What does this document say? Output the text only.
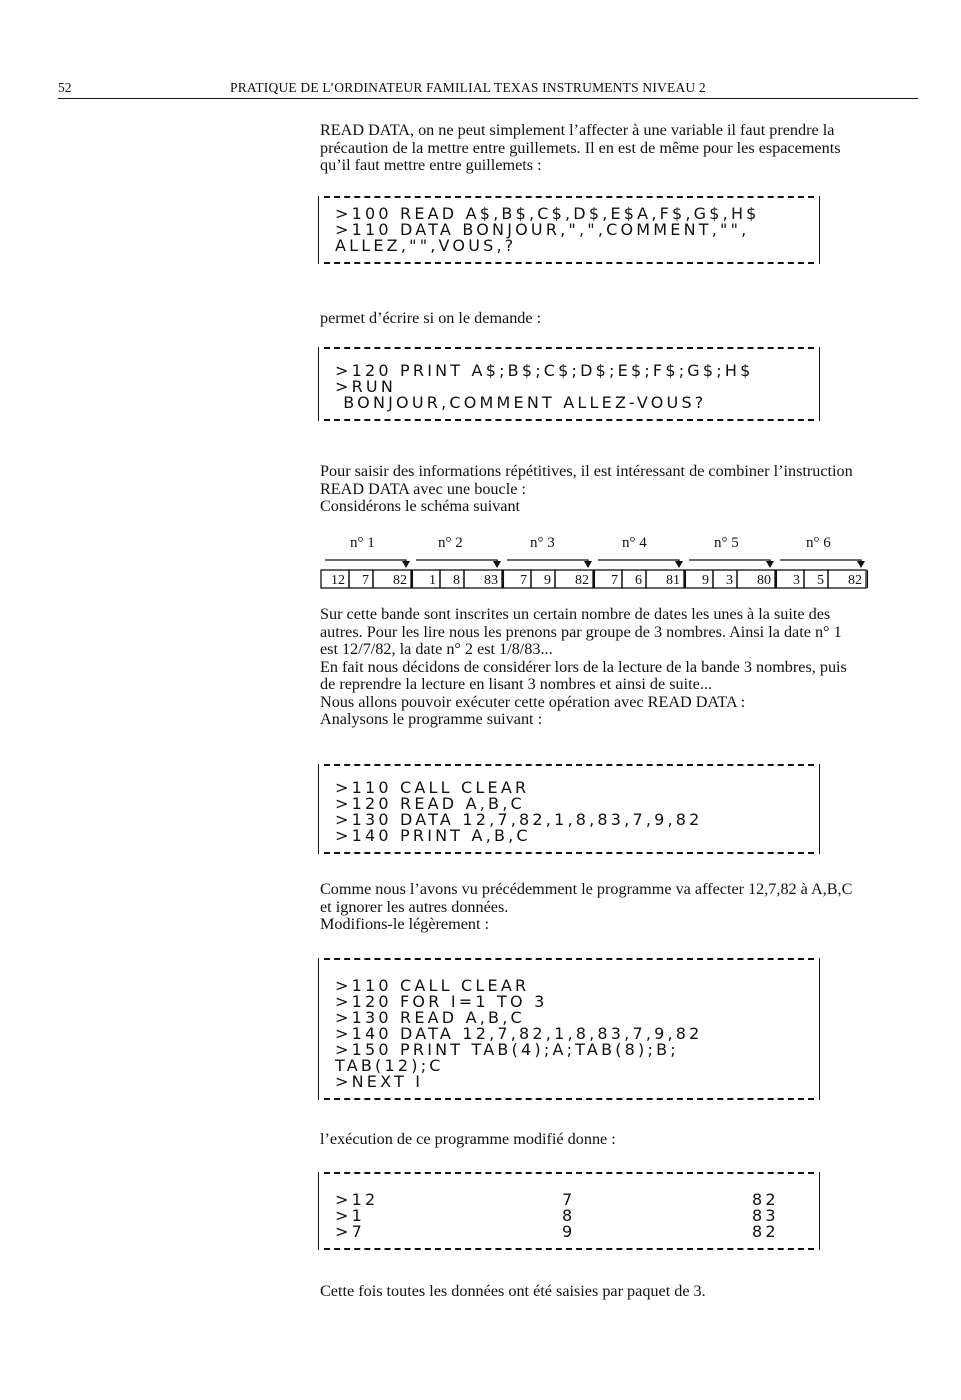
52	PRATIQUE DE L’ORDINATEUR FAMILIAL TEXAS INSTRUMENTS NIVEAU 2
READ DATA, on ne peut simplement l’affecter à une variable il faut prendre la
précaution de la mettre entre guillemets. Il en est de même pour les espacements
qu’il faut mettre entre guillemets :
>100 READ A$,B$,C$,D$,E$A,F$,G$,H$
>110 DATA BONJOUR,",",COMMENT,"",
ALLEZ,"",VOUS,?
permet d’écrire si on le demande :
>120 PRINT A$;B$;C$;D$;E$;F$;G$;H$
>RUN
BONJOUR,COMMENT ALLEZ-VOUS?
Pour saisir des informations répétitives, il est intéressant de combiner l’instruction
READ DATA avec une boucle :
Considérons le schéma suivant
n° 1	n° 2	n° 3	n° 4	n° 5	n° 6
12 7 82 1 8 83 7 9 82 7 6 81 9 3 80 3 5 82
Sur cette bande sont inscrites un certain nombre de dates les unes à la suite des
autres. Pour les lire nous les prenons par groupe de 3 nombres. Ainsi la date n° 1
est 12/7/82, la date n° 2 est 1/8/83...
En fait nous décidons de considérer lors de la lecture de la bande 3 nombres, puis
de reprendre la lecture en lisant 3 nombres et ainsi de suite...
Nous allons pouvoir exécuter cette opération avec READ DATA :
Analysons le programme suivant :
>110 CALL CLEAR
>120 READ A,B,C
>130 DATA 12,7,82,1,8,83,7,9,82
>140 PRINT A,B,C
Comme nous l’avons vu précédemment le programme va affecter 12,7,82 à A,B,C
et ignorer les autres données.
Modifions-le légèrement :
>110 CALL CLEAR
>120 FOR I=1 TO 3
>130 READ A,B,C
>140 DATA 12,7,82,1,8,83,7,9,82
>150 PRINT TAB(4);A;TAB(8);B;
TAB(12);C
>NEXT I
l’exécution de ce programme modifié donne :
>12	7	82
>1	8	83
>7	9	82
Cette fois toutes les données ont été saisies par paquet de 3.
